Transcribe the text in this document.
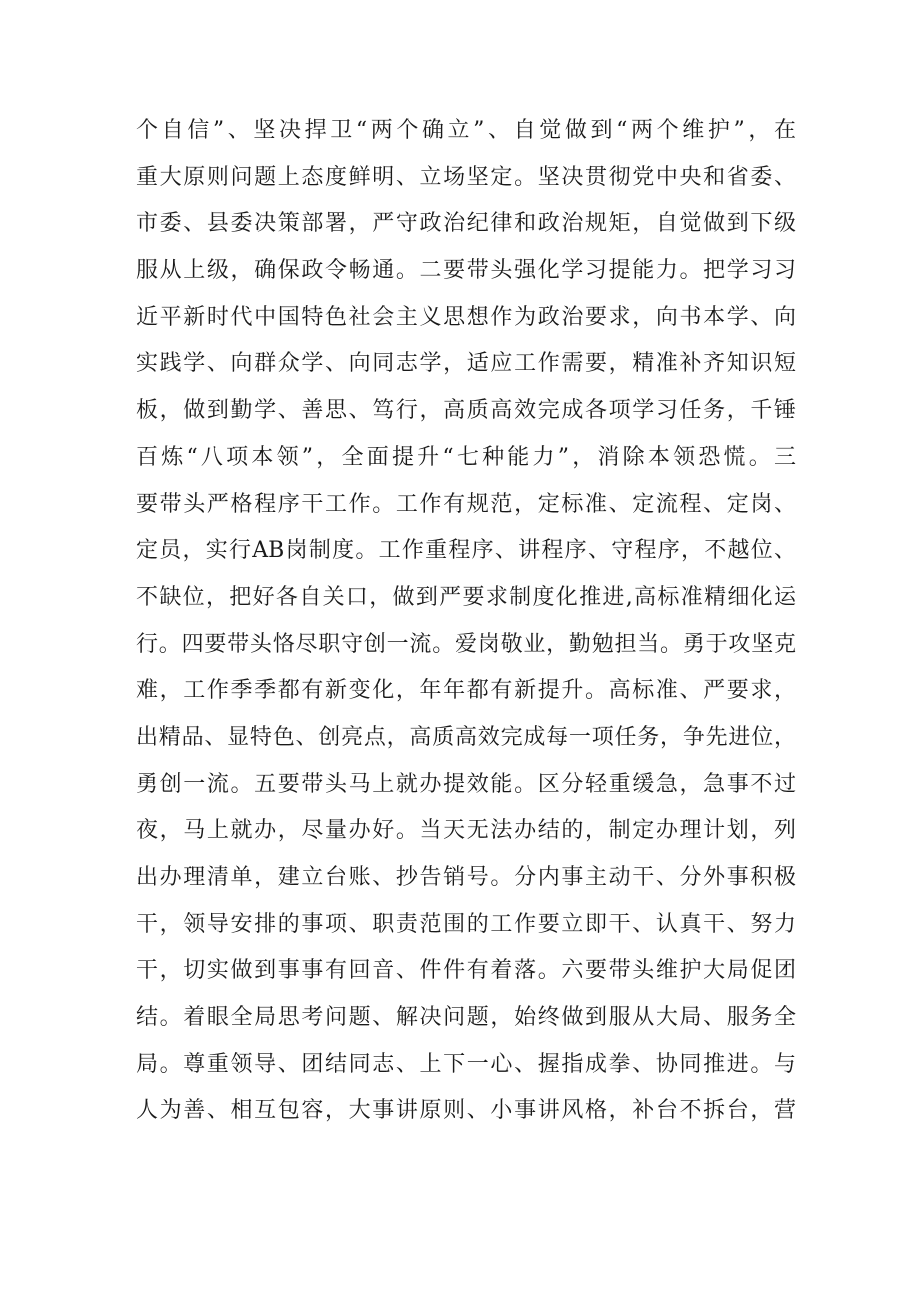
个自信”、坚决捍卫“两个确立”、自觉做到“两个维护”，在
重大原则问题上态度鲜明、立场坚定。坚决贯彻党中央和省委、
市委、县委决策部署，严守政治纪律和政治规矩，自觉做到下级
服从上级，确保政令畅通。二要带头强化学习提能力。把学习习
近平新时代中国特色社会主义思想作为政治要求，向书本学、向
实践学、向群众学、向同志学，适应工作需要，精准补齐知识短
板，做到勤学、善思、笃行，高质高效完成各项学习任务，千锤
百炼“八项本领”，全面提升“七种能力”，消除本领恐慌。三
要带头严格程序干工作。工作有规范，定标准、定流程、定岗、
定员，实行AB岗制度。工作重程序、讲程序、守程序，不越位、
不缺位，把好各自关口，做到严要求制度化推进,高标准精细化运
行。四要带头恪尽职守创一流。爱岗敬业，勤勉担当。勇于攻坚克
难，工作季季都有新变化，年年都有新提升。高标准、严要求，
出精品、显特色、创亮点，高质高效完成每一项任务，争先进位，
勇创一流。五要带头马上就办提效能。区分轻重缓急，急事不过
夜，马上就办，尽量办好。当天无法办结的，制定办理计划，列
出办理清单，建立台账、抄告销号。分内事主动干、分外事积极
干，领导安排的事项、职责范围的工作要立即干、认真干、努力
干，切实做到事事有回音、件件有着落。六要带头维护大局促团
结。着眼全局思考问题、解决问题，始终做到服从大局、服务全
局。尊重领导、团结同志、上下一心、握指成拳、协同推进。与
人为善、相互包容，大事讲原则、小事讲风格，补台不拆台，营
